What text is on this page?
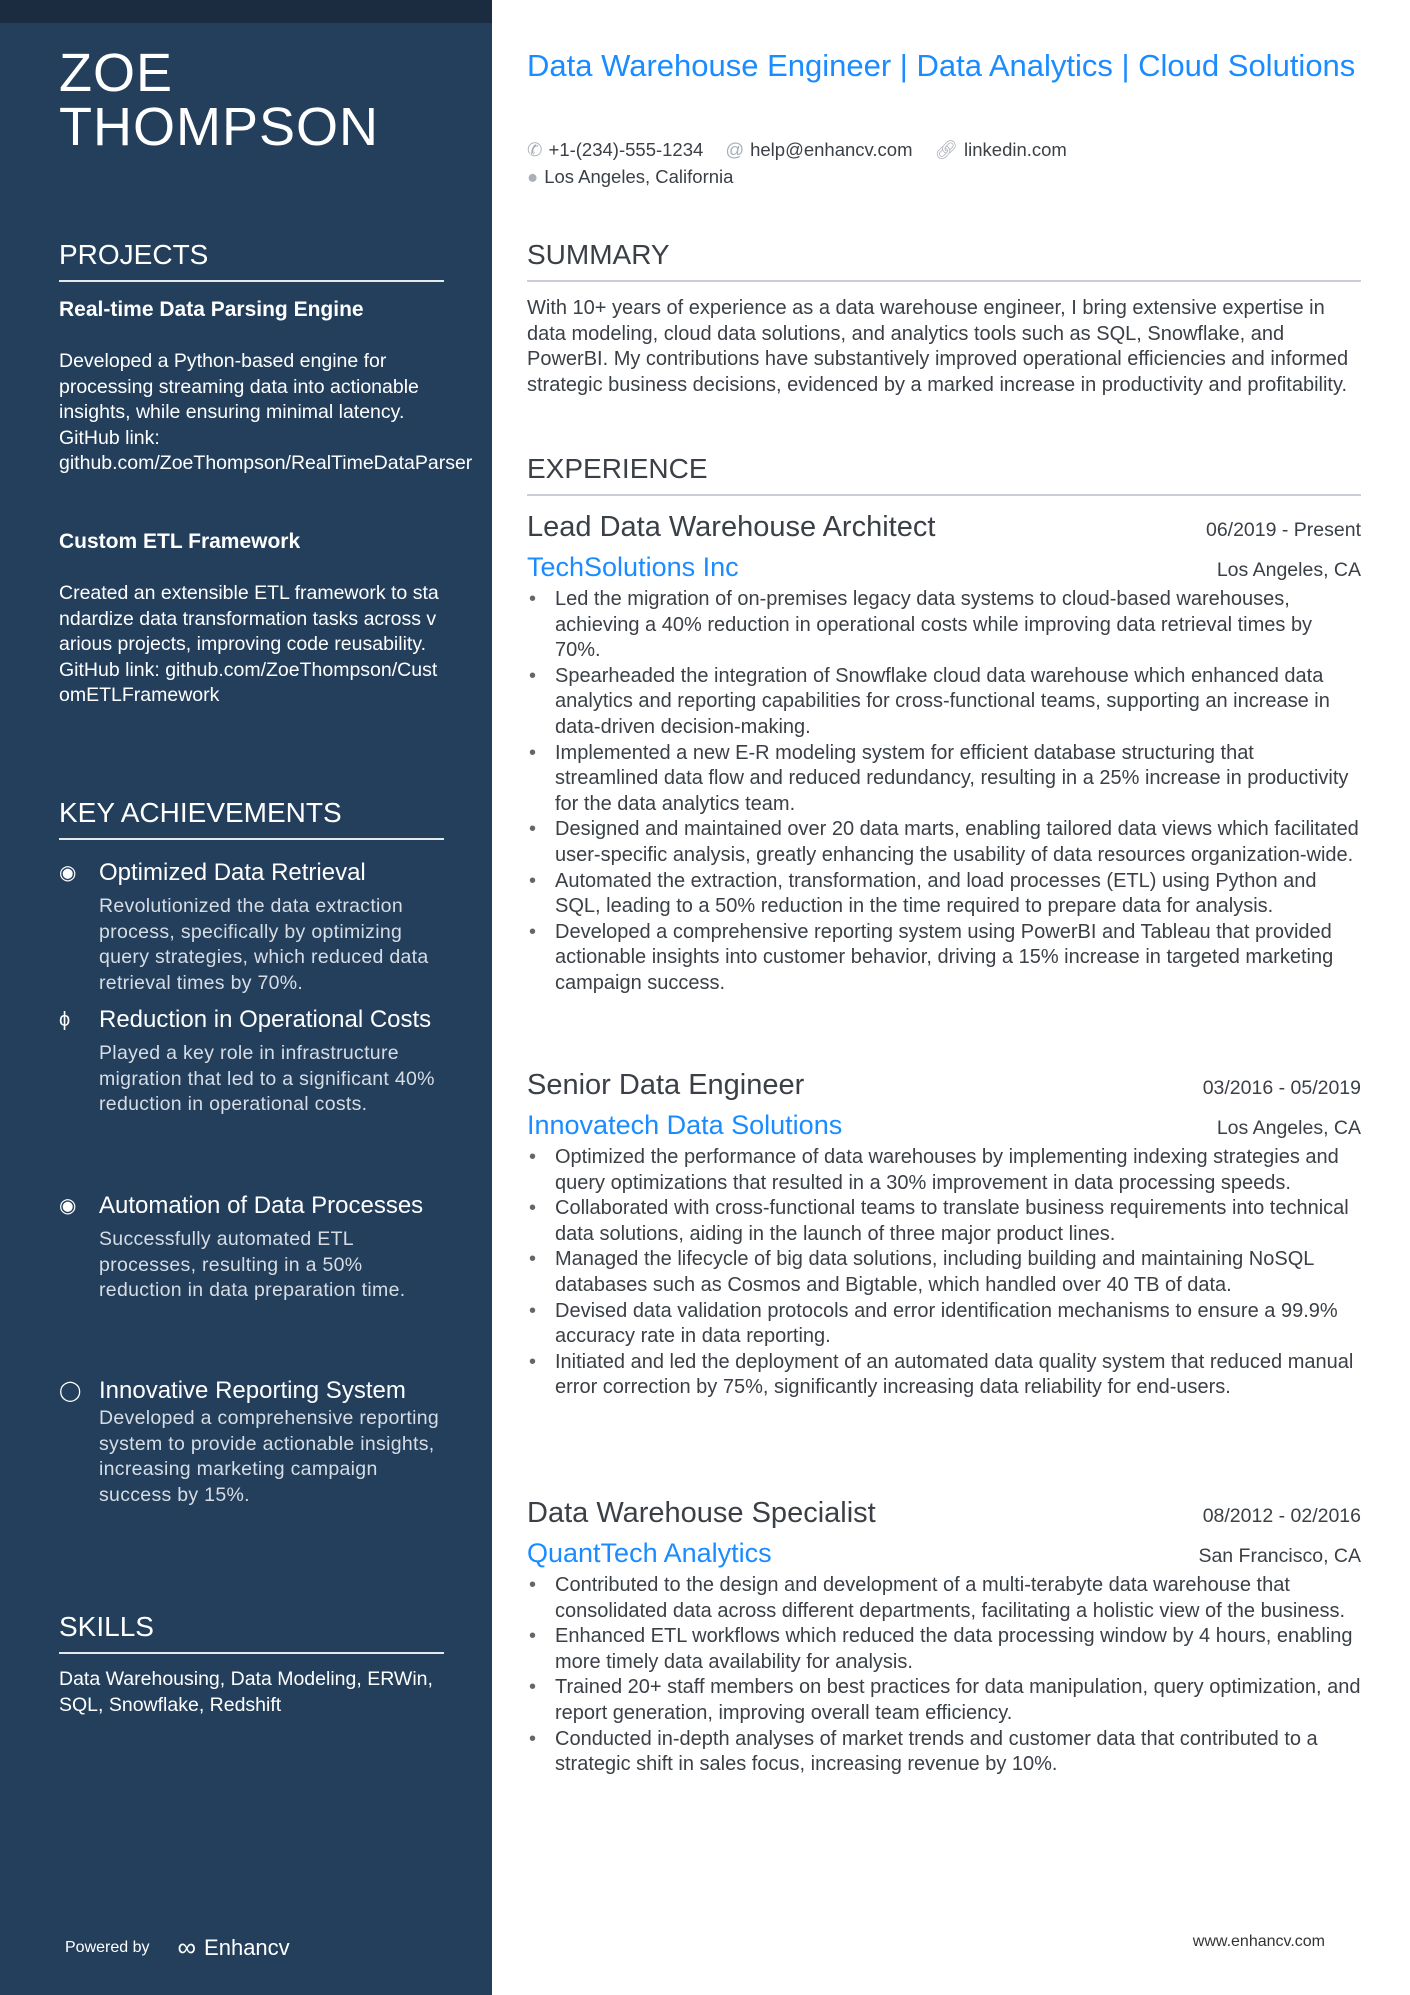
ZOE
THOMPSON
PROJECTS
Real-time Data Parsing Engine
Developed a Python-based engine for processing streaming data into actionable insights, while ensuring minimal latency. GitHub link: github.com/ZoeThompson/RealTimeDataParser
Custom ETL Framework
Created an extensible ETL framework to standardize data transformation tasks across various projects, improving code reusability. GitHub link: github.com/ZoeThompson/CustomETLFramework
KEY ACHIEVEMENTS
◉ Optimized Data Retrieval
Revolutionized the data extraction process, specifically by optimizing query strategies, which reduced data retrieval times by 70%.
ϕ	Reduction in Operational Costs
Played a key role in infrastructure migration that led to a significant 40% reduction in operational costs.
◉ Automation of Data Processes
Successfully automated ETL processes, resulting in a 50% reduction in data preparation time.
◯ Innovative Reporting System
Developed a comprehensive reporting system to provide actionable insights, increasing marketing campaign success by 15%.
SKILLS
Data Warehousing, Data Modeling, ERWin, SQL, Snowflake, Redshift
Powered by ∞ Enhancv
Data Warehouse Engineer | Data Analytics | Cloud Solutions
✆ +1-(234)-555-1234 @ help@enhancv.com 🔗︎ linkedin.com
● Los Angeles, California
SUMMARY
With 10+ years of experience as a data warehouse engineer, I bring extensive expertise in data modeling, cloud data solutions, and analytics tools such as SQL, Snowflake, and PowerBI. My contributions have substantively improved operational efficiencies and informed strategic business decisions, evidenced by a marked increase in productivity and profitability.
EXPERIENCE
Lead Data Warehouse Architect	06/2019 - Present
TechSolutions Inc	Los Angeles, CA
• Led the migration of on-premises legacy data systems to cloud-based warehouses, achieving a 40% reduction in operational costs while improving data retrieval times by 70%.
• Spearheaded the integration of Snowflake cloud data warehouse which enhanced data analytics and reporting capabilities for cross-functional teams, supporting an increase in data-driven decision-making.
• Implemented a new E-R modeling system for efficient database structuring that streamlined data flow and reduced redundancy, resulting in a 25% increase in productivity for the data analytics team.
• Designed and maintained over 20 data marts, enabling tailored data views which facilitated user-specific analysis, greatly enhancing the usability of data resources organization-wide.
• Automated the extraction, transformation, and load processes (ETL) using Python and SQL, leading to a 50% reduction in the time required to prepare data for analysis.
• Developed a comprehensive reporting system using PowerBI and Tableau that provided actionable insights into customer behavior, driving a 15% increase in targeted marketing campaign success.
Senior Data Engineer	03/2016 - 05/2019
Innovatech Data Solutions	Los Angeles, CA
• Optimized the performance of data warehouses by implementing indexing strategies and query optimizations that resulted in a 30% improvement in data processing speeds.
• Collaborated with cross-functional teams to translate business requirements into technical data solutions, aiding in the launch of three major product lines.
• Managed the lifecycle of big data solutions, including building and maintaining NoSQL databases such as Cosmos and Bigtable, which handled over 40 TB of data.
• Devised data validation protocols and error identification mechanisms to ensure a 99.9% accuracy rate in data reporting.
• Initiated and led the deployment of an automated data quality system that reduced manual error correction by 75%, significantly increasing data reliability for end-users.
Data Warehouse Specialist	08/2012 - 02/2016
QuantTech Analytics	San Francisco, CA
• Contributed to the design and development of a multi-terabyte data warehouse that consolidated data across different departments, facilitating a holistic view of the business.
• Enhanced ETL workflows which reduced the data processing window by 4 hours, enabling more timely data availability for analysis.
• Trained 20+ staff members on best practices for data manipulation, query optimization, and report generation, improving overall team efficiency.
• Conducted in-depth analyses of market trends and customer data that contributed to a strategic shift in sales focus, increasing revenue by 10%.
www.enhancv.com
